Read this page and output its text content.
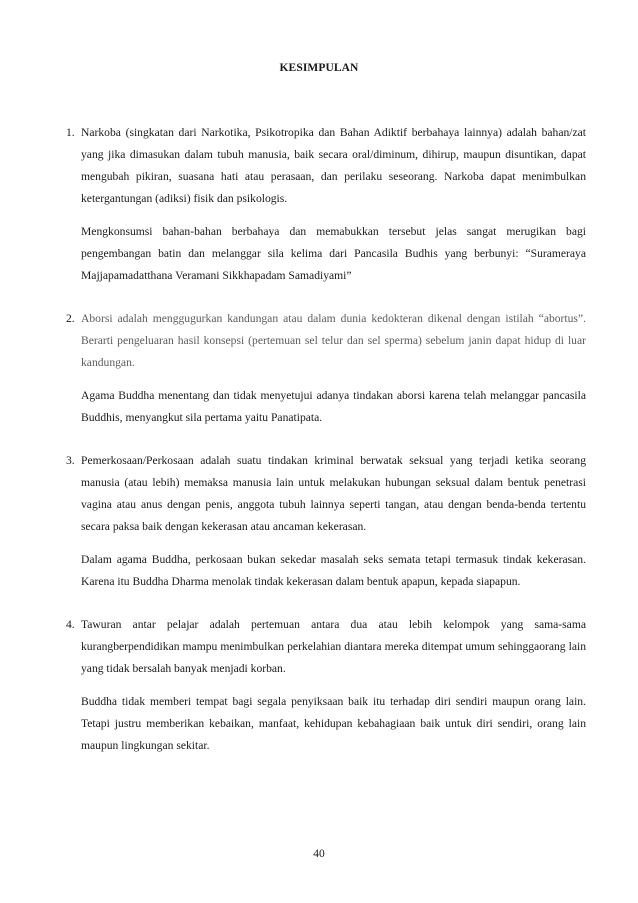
KESIMPULAN
1. Narkoba (singkatan dari Narkotika, Psikotropika dan Bahan Adiktif berbahaya lainnya) adalah bahan/zat yang jika dimasukan dalam tubuh manusia, baik secara oral/diminum, dihirup, maupun disuntikan, dapat mengubah pikiran, suasana hati atau perasaan, dan perilaku seseorang. Narkoba dapat menimbulkan ketergantungan (adiksi) fisik dan psikologis.

Mengkonsumsi bahan-bahan berbahaya dan memabukkan tersebut jelas sangat merugikan bagi pengembangan batin dan melanggar sila kelima dari Pancasila Budhis yang berbunyi: “Surameraya Majjapamadatthana Veramani Sikkhapadam Samadiyami”

2. Aborsi adalah menggugurkan kandungan atau dalam dunia kedokteran dikenal dengan istilah “abortus”. Berarti pengeluaran hasil konsepsi (pertemuan sel telur dan sel sperma) sebelum janin dapat hidup di luar kandungan.

Agama Buddha menentang dan tidak menyetujui adanya tindakan aborsi karena telah melanggar pancasila Buddhis, menyangkut sila pertama yaitu Panatipata.

3. Pemerkosaan/Perkosaan adalah suatu tindakan kriminal berwatak seksual yang terjadi ketika seorang manusia (atau lebih) memaksa manusia lain untuk melakukan hubungan seksual dalam bentuk penetrasi vagina atau anus dengan penis, anggota tubuh lainnya seperti tangan, atau dengan benda-benda tertentu secara paksa baik dengan kekerasan atau ancaman kekerasan.

Dalam agama Buddha, perkosaan bukan sekedar masalah seks semata tetapi termasuk tindak kekerasan. Karena itu Buddha Dharma menolak tindak kekerasan dalam bentuk apapun, kepada siapapun.

4. Tawuran antar pelajar adalah pertemuan antara dua atau lebih kelompok yang sama-sama kurangberpendidikan mampu menimbulkan perkelahian diantara mereka ditempat umum sehinggaorang lain yang tidak bersalah banyak menjadi korban.

Buddha tidak memberi tempat bagi segala penyiksaan baik itu terhadap diri sendiri maupun orang lain. Tetapi justru memberikan kebaikan, manfaat, kehidupan kebahagiaan baik untuk diri sendiri, orang lain maupun lingkungan sekitar.

40
